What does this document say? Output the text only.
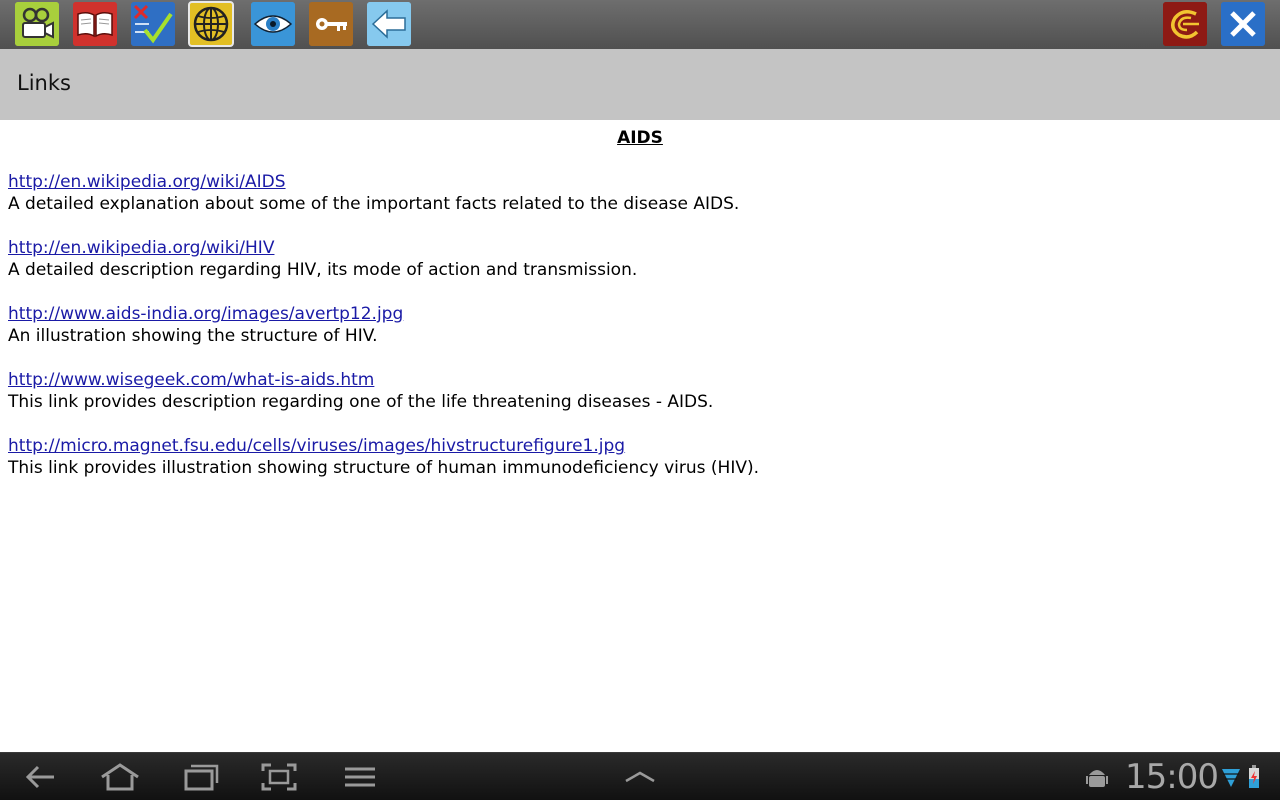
Links
AIDS
http://en.wikipedia.org/wiki/AIDS
A detailed explanation about some of the important facts related to the disease AIDS.
http://en.wikipedia.org/wiki/HIV
A detailed description regarding HIV, its mode of action and transmission.
http://www.aids-india.org/images/avertp12.jpg
An illustration showing the structure of HIV.
http://www.wisegeek.com/what-is-aids.htm
This link provides description regarding one of the life threatening diseases - AIDS.
http://micro.magnet.fsu.edu/cells/viruses/images/hivstructurefigure1.jpg
This link provides illustration showing structure of human immunodeficiency virus (HIV).
15:00
